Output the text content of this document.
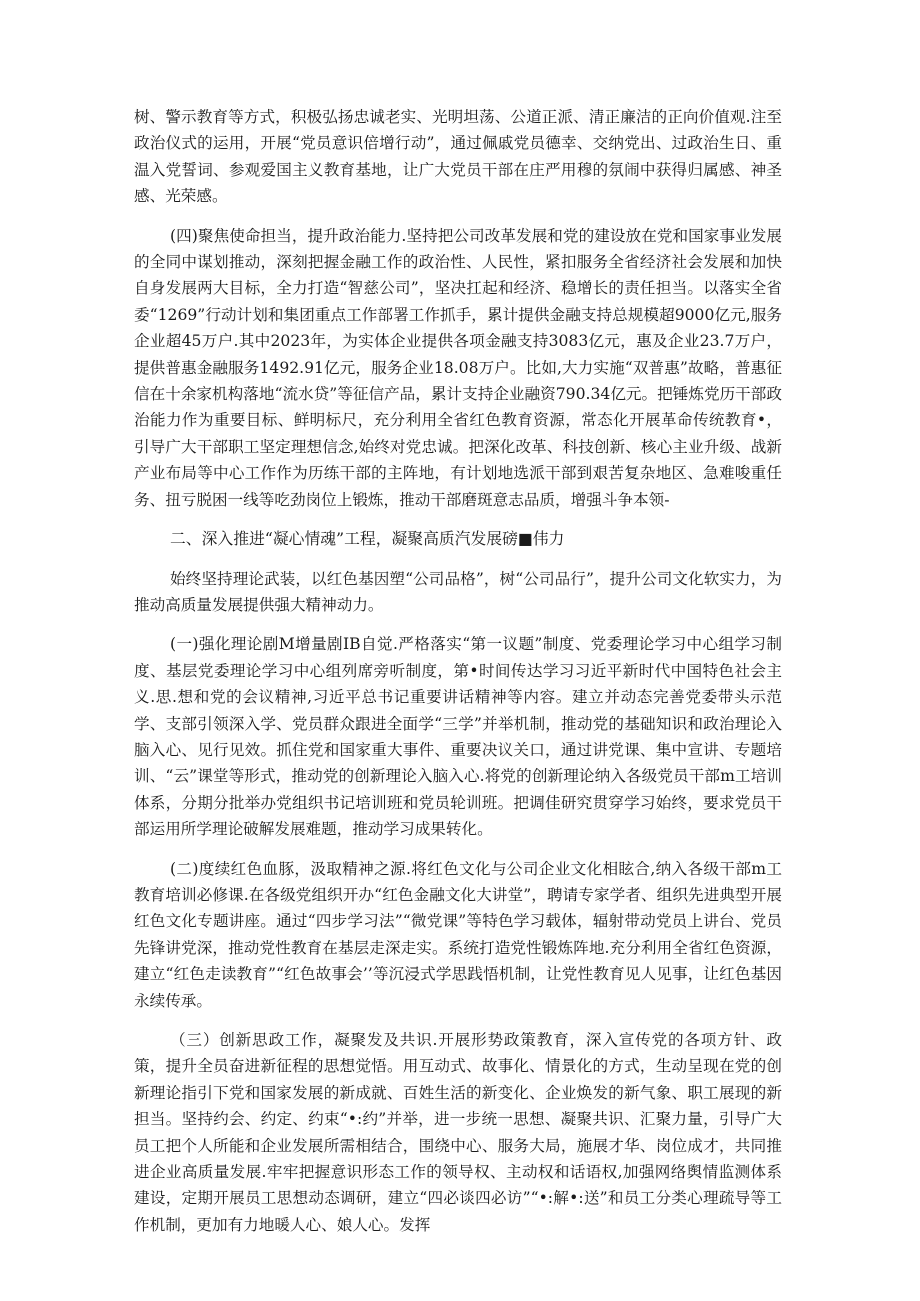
树、警示教育等方式，积极弘扬忠诚老实、光明坦荡、公道正派、清正廉洁的正向价值观.注至政治仪式的运用，开展“党员意识倍增行动”，通过佩戚党员德幸、交纳党出、过政治生日、重温入党誓词、参观爱国主义教育基地，让广大党员干部在庄严用穆的氛闹中获得归属感、神圣感、光荣感。

(四)聚焦使命担当，提升政治能力.坚持把公司改革发展和党的建设放在党和国家事业发展的全同中谋划推动，深刻把握金融工作的政治性、人民性，紧扣服务全省经济社会发展和加快自身发展两大目标，全力打造“智慈公司”，坚决扛起和经济、稳增长的责任担当。以落实全省委“1269”行动计划和集团重点工作部署工作抓手，累计提供金融支持总规模超9000亿元,服务企业超45万户.其中2023年，为实体企业提供各项金融支持3083亿元，惠及企业23.7万户，提供普惠金融服务1492.91亿元，服务企业18.08万户。比如,大力实施“双普惠”故略，普惠征信在十余家机构落地“流水贷”等征信产品，累计支持企业融资790.34亿元。把锤炼党历干部政治能力作为重要目标、鲜明标尺，充分利用全省红色教育资源，常态化开展革命传统教育•，引导广大干部职工坚定理想信念,始终对党忠诚。把深化改革、科技创新、核心主业升级、战新产业布局等中心工作作为历练干部的主阵地，有计划地选派干部到艰苦复杂地区、急难唆重任务、扭亏脱困一线等吃劲岗位上锻炼，推动干部磨斑意志品质，增强斗争本领-

二、深入推进“凝心情魂”工程，凝聚高质汽发展磅■伟力

始终坚持理论武装，以红色基因塑“公司品格”，树“公司品行”，提升公司文化软实力，为推动高质量发展提供强大精神动力。

(一)强化理论剧M增量剧IB自觉.严格落实“第一议题”制度、党委理论学习中心组学习制度、基层党委理论学习中心组列席旁听制度，第•时间传达学习习近平新时代中国特色社会主义.思.想和党的会议精神,习近平总书记重要讲话精神等内容。建立并动态完善党委带头示范学、支部引领深入学、党员群众跟进全面学“三学”并举机制，推动党的基础知识和政治理论入脑入心、见行见效。抓住党和国家重大事件、重要决议关口，通过讲党课、集中宣讲、专题培训、“云”课堂等形式，推动党的创新理论入脑入心.将党的创新理论纳入各级党员干部m工培训体系，分期分批举办党组织书记培训班和党员轮训班。把调佳研究贯穿学习始终，要求党员干部运用所学理论破解发展难题，推动学习成果转化。

(二)度续红色血豚，汲取精神之源.将红色文化与公司企业文化相眩合,纳入各级干部m工教育培训必修课.在各级党组织开办“红色金融文化大讲堂”，聘请专家学者、组织先进典型开展红色文化专题讲座。通过“四步学习法”“微党课”等特色学习载体，辐射带动党员上讲台、党员先锋讲党深，推动党性教育在基层走深走实。系统打造党性锻炼阵地.充分利用全省红色资源，建立“红色走读教育”“红色故事会’’等沉浸式学思践悟机制，让党性教育见人见事，让红色基因永续传承。

（三）创新思政工作，凝聚发及共识.开展形势政策教育，深入宣传党的各项方针、政策，提升全员奋进新征程的思想觉悟。用互动式、故事化、情景化的方式，生动呈现在党的创新理论指引下党和国家发展的新成就、百姓生活的新变化、企业焕发的新气象、职工展现的新担当。坚持约会、约定、约束“•:约”并举，进一步统一思想、凝聚共识、汇聚力量，引导广大员工把个人所能和企业发展所需相结合，围绕中心、服务大局，施展才华、岗位成才，共同推进企业高质量发展.牢牢把握意识形态工作的领导权、主动权和话语权,加强网络舆情监测体系建设，定期开展员工思想动态调研，建立“四必谈四必访”“•:解•:送”和员工分类心理疏导等工作机制，更加有力地暖人心、娘人心。发挥
